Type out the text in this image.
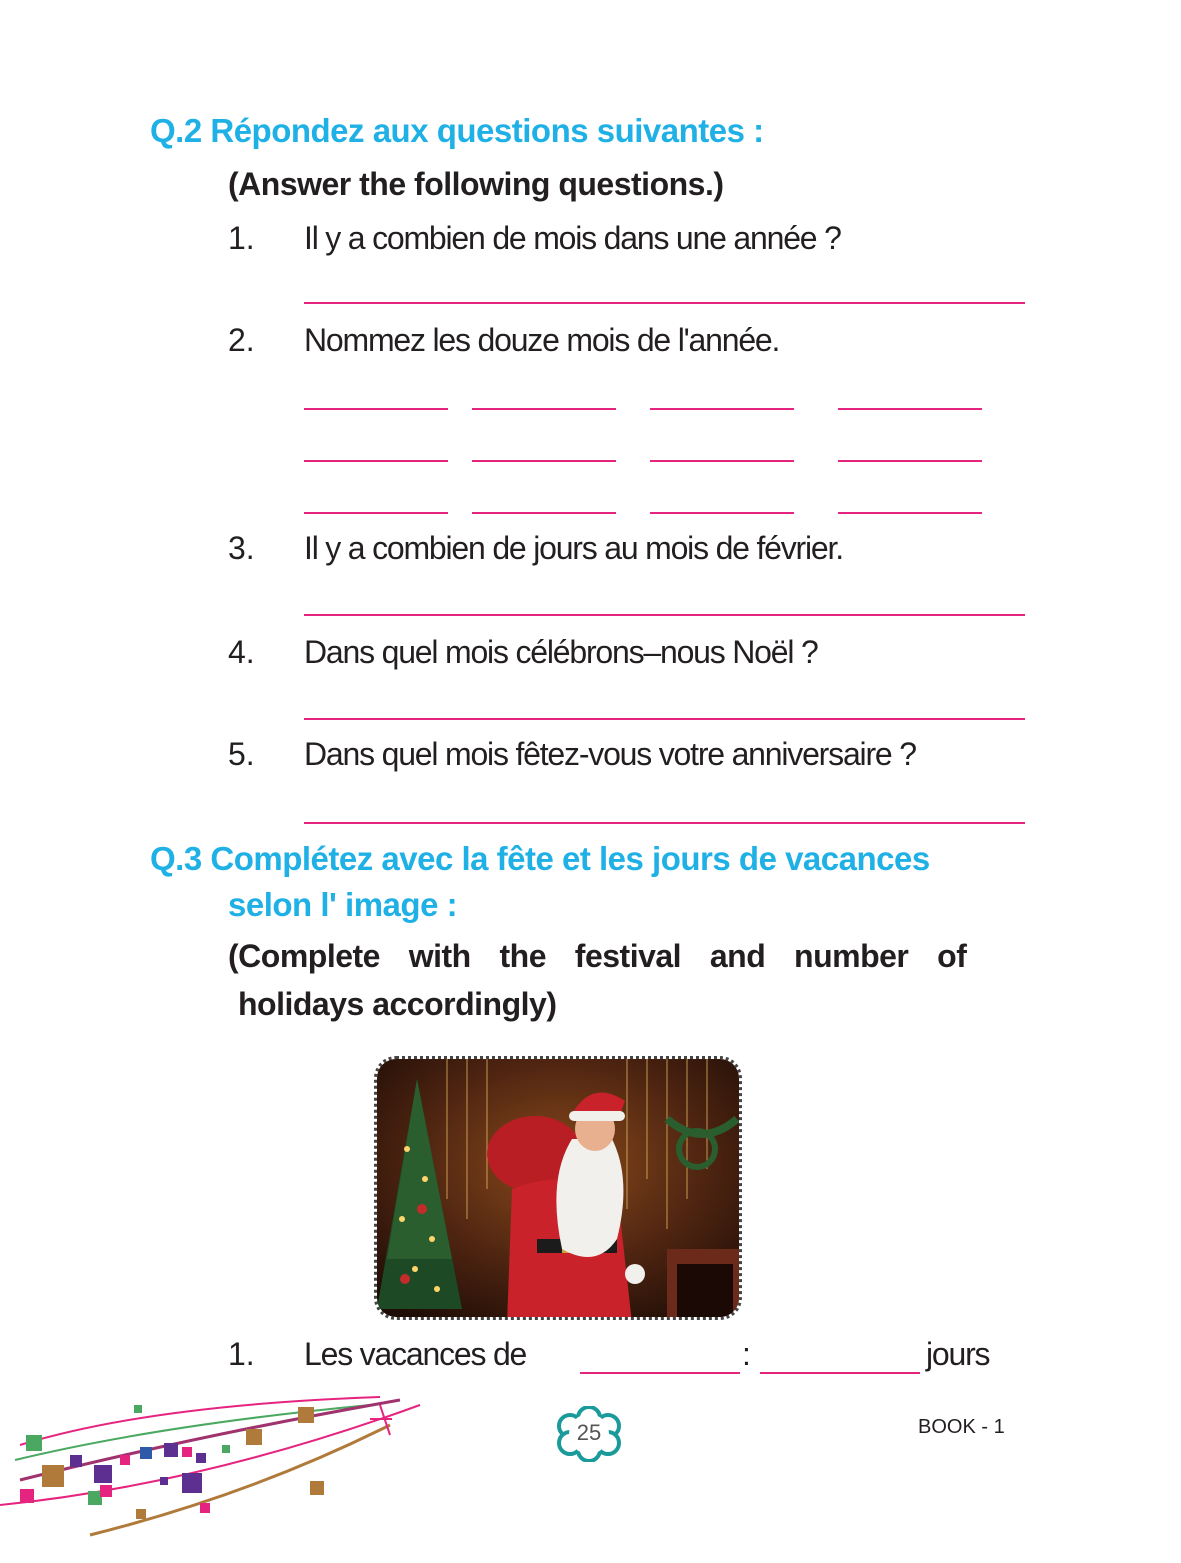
Q.2 Répondez aux questions suivantes :
(Answer the following questions.)
1. Il y a combien de mois dans une année ?
2. Nommez les douze mois de l'année.
3. Il y a combien de jours au mois de février.
4. Dans quel mois célébrons–nous Noël ?
5. Dans quel mois fêtez-vous votre anniversaire ?
Q.3 Complétez avec la fête et les jours de vacances
selon l' image :
(Complete  with  the  festival  and  number  of
holidays accordingly)
1. Les vacances de	:	jours
25	BOOK - 1
